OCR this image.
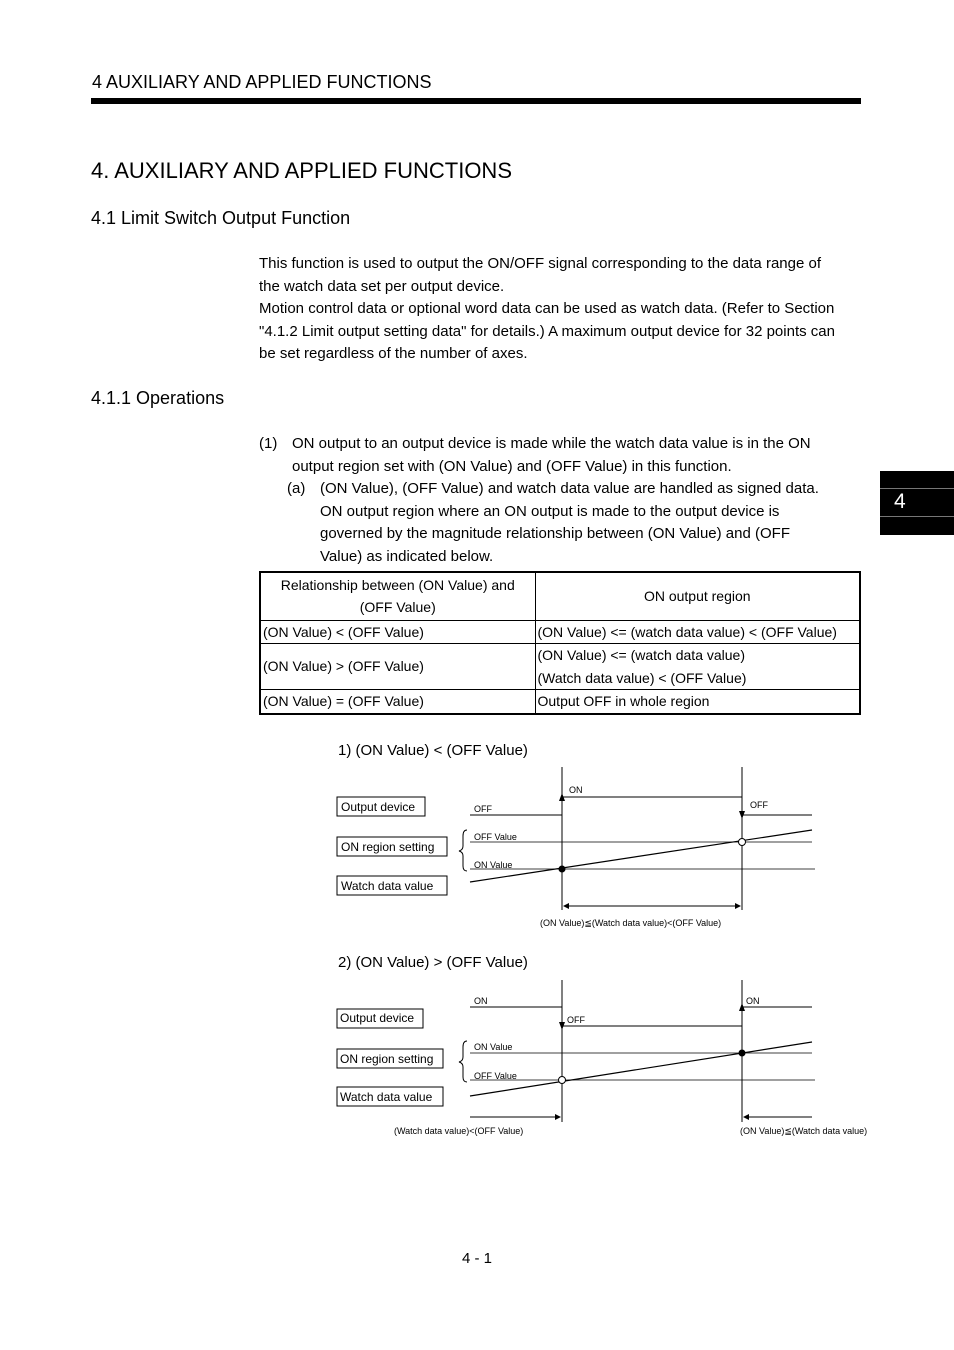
4 AUXILIARY AND APPLIED FUNCTIONS
4. AUXILIARY AND APPLIED FUNCTIONS
4.1 Limit Switch Output Function
This function is used to output the ON/OFF signal corresponding to the data range of
the watch data set per output device.
Motion control data or optional word data can be used as watch data. (Refer to Section
"4.1.2 Limit output setting data" for details.) A maximum output device for 32 points can
be set regardless of the number of axes.
4.1.1 Operations
(1) ON output to an output device is made while the watch data value is in the ON
output region set with (ON Value) and (OFF Value) in this function.
(a) (ON Value), (OFF Value) and watch data value are handled as signed data.
ON output region where an ON output is made to the output device is
governed by the magnitude relationship between (ON Value) and (OFF
Value) as indicated below.
4
Relationship between (ON Value) and
(OFF Value)	ON output region
(ON Value) < (OFF Value)	(ON Value) <= (watch data value) < (OFF Value)
(ON Value) > (OFF Value)	(ON Value) <= (watch data value)
(Watch data value) < (OFF Value)

(ON Value) = (OFF Value)	Output OFF in whole region
1) (ON Value) < (OFF Value)
Output device
ON region setting
Watch data value
OFF
ON
OFF
OFF Value
ON Value
(ON Value)≦(Watch data value)<(OFF Value)
2) (ON Value) > (OFF Value)
Output device
ON region setting
Watch data value
ON
OFF
ON
ON Value
OFF Value
(Watch data value)<(OFF Value)	(ON Value)≦(Watch data value)
4 - 1
